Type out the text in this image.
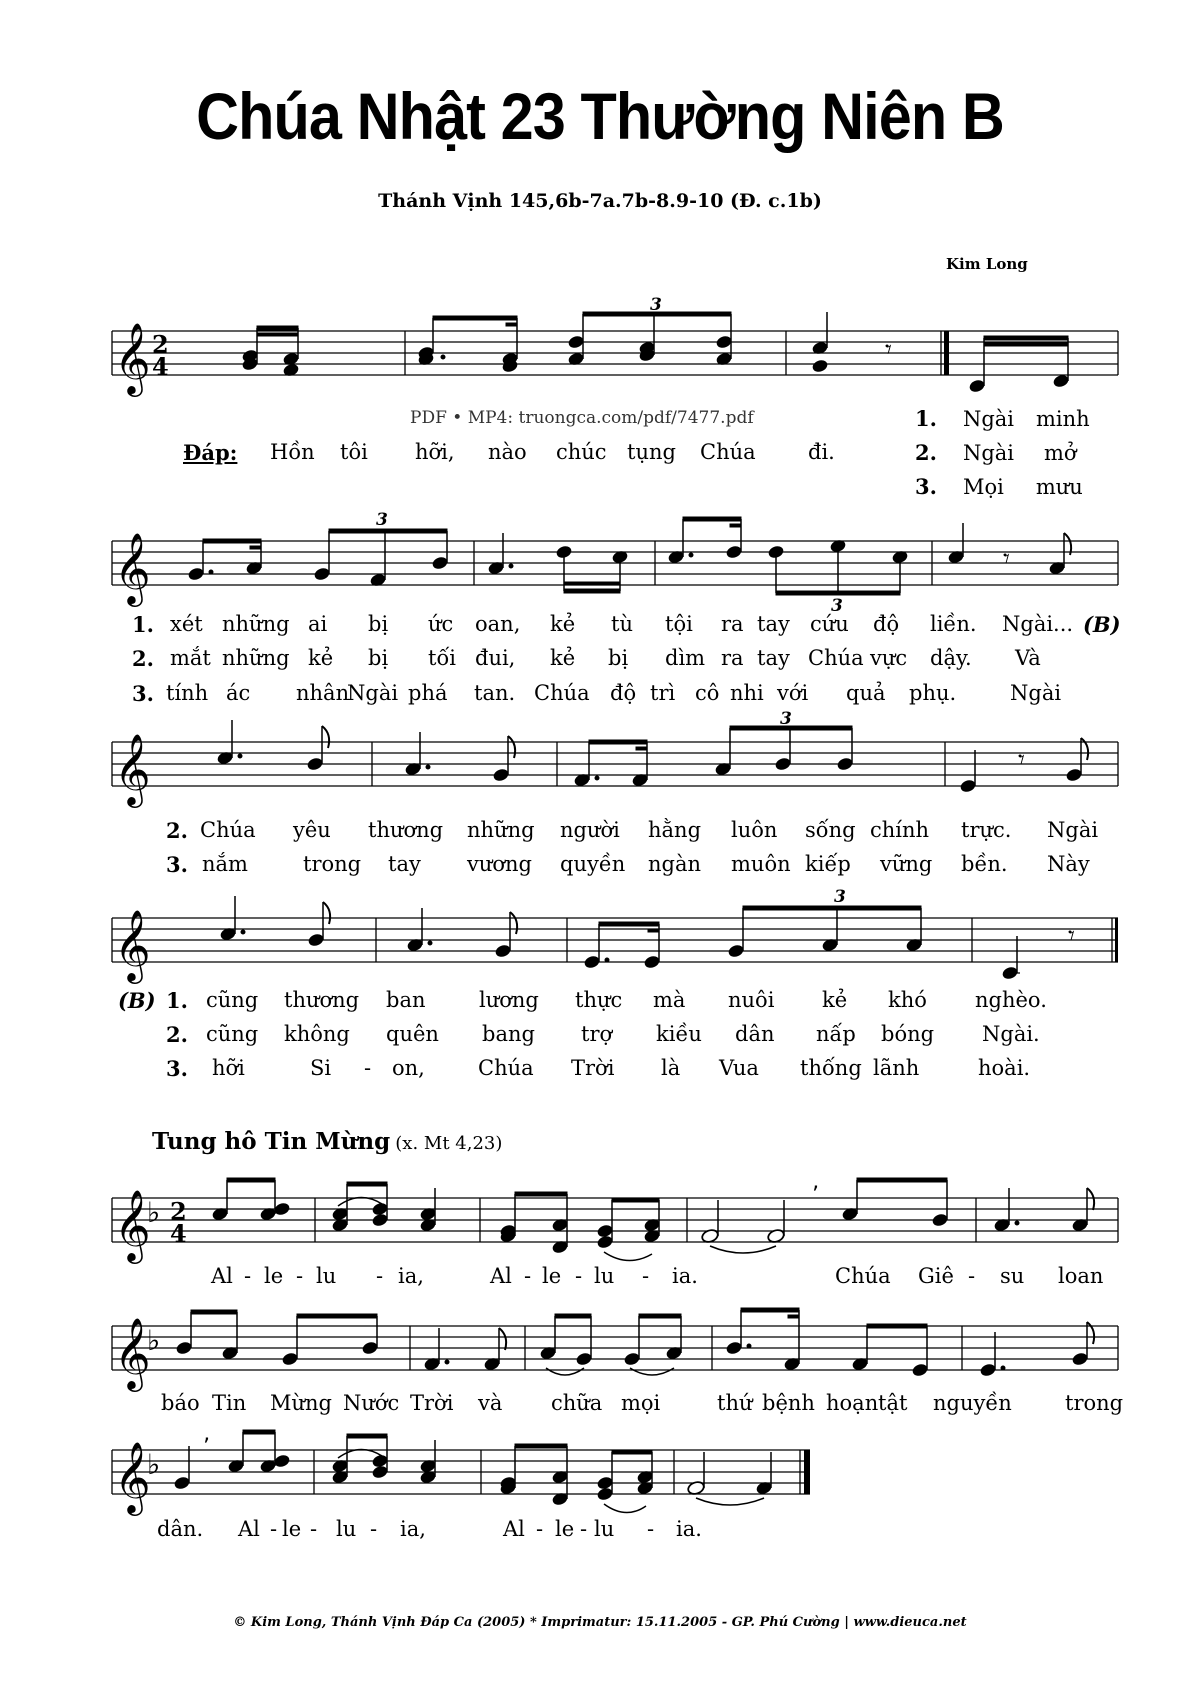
Chúa Nhật 23 Thường Niên B
Thánh Vịnh 145,6b-7a.7b-8.9-10 (Đ. c.1b)
Kim Long
𝄞 2
4
3
𝄾
PDF • MP4: truongca.com/pdf/7477.pdf
Đáp: Hồn tôi hỡi, nào chúc tụng Chúa đi.
1. Ngài minh
2. Ngài mở
3. Mọi mưu
𝄞
3
3
𝄾
1. xét những ai bị ức oan, kẻ tù tội ra tay cứu độ liền. Ngài... (B)
2. mắt những kẻ bị tối đui, kẻ bị dìm ra tay Chúa vực dậy. Và
3. tính ác nhân
Ngài phá tan. Chúa độ trì cô nhi với quả phụ.	Ngài
𝄞
3
𝄾
2. Chúa yêu thương những người hằng luôn sống chính trực. Ngài
3. nắm	trong tay vương quyền ngàn muôn kiếp vững bền. Này
𝄞
3
𝄾
(B) 1. cũng thương ban	lương thực mà nuôi kẻ khó nghèo.
2. cũng không quên bang trợ kiều dân nấp bóng Ngài.
3. hỡi	Si - on,	Chúa Trời là Vua thống lãnh	hoài.
Tung hô Tin Mừng (x. Mt 4,23)
𝄞
♭ 2
4
’
Al - le - lu - ia,	Al - le - lu - ia.	Chúa Giê - su loan
𝄞
♭
báo Tin Mừng Nước Trời và chữa mọi	thứ bệnh hoạn tật nguyền	trong
𝄞
♭
’
dân. Al - le - lu - ia,	Al - le - lu - ia.
© Kim Long, Thánh Vịnh Đáp Ca (2005) * Imprimatur: 15.11.2005 - GP. Phú Cường | www.dieuca.net
